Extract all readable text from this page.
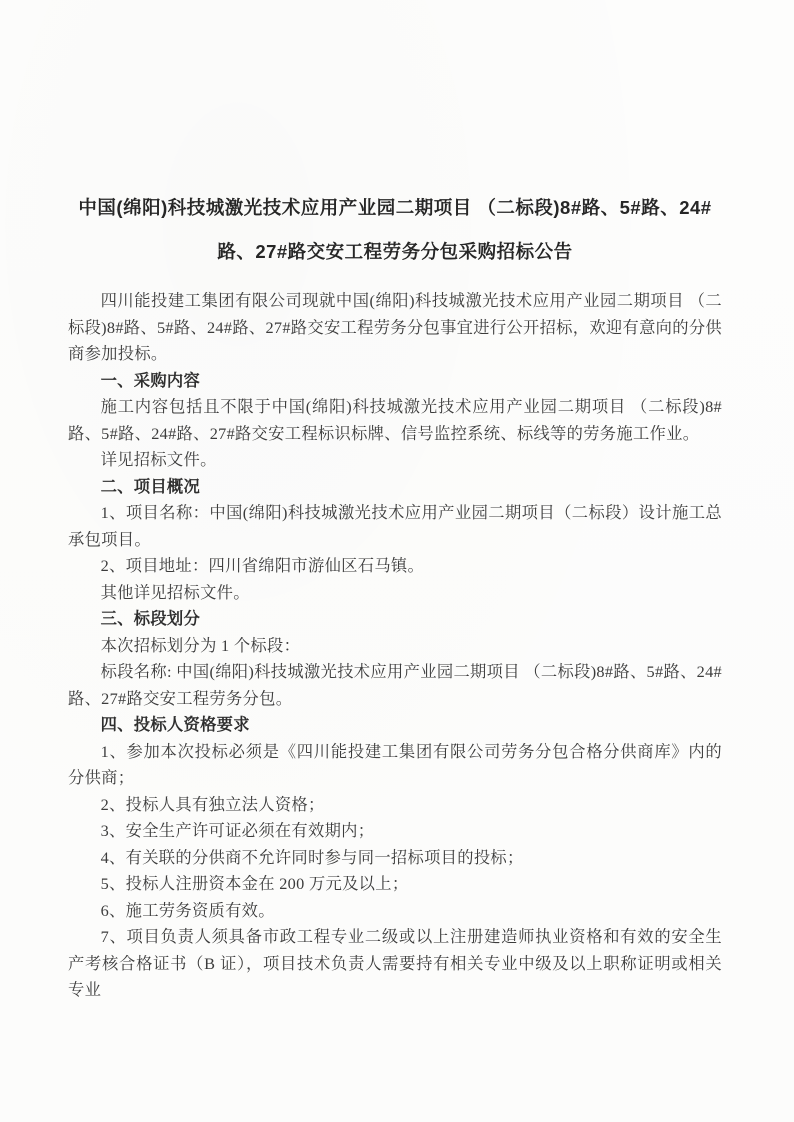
中国(绵阳)科技城激光技术应用产业园二期项目 （二标段)8#路、5#路、24#路、27#路交安工程劳务分包采购招标公告

四川能投建工集团有限公司现就中国(绵阳)科技城激光技术应用产业园二期项目 （二标段)8#路、5#路、24#路、27#路交安工程劳务分包事宜进行公开招标，欢迎有意向的分供商参加投标。

一、采购内容

施工内容包括且不限于中国(绵阳)科技城激光技术应用产业园二期项目 （二标段)8#路、5#路、24#路、27#路交安工程标识标牌、信号监控系统、标线等的劳务施工作业。

详见招标文件。

二、项目概况

1、项目名称：中国(绵阳)科技城激光技术应用产业园二期项目（二标段）设计施工总承包项目。

2、项目地址：四川省绵阳市游仙区石马镇。

其他详见招标文件。

三、标段划分

本次招标划分为 1 个标段：

标段名称: 中国(绵阳)科技城激光技术应用产业园二期项目 （二标段)8#路、5#路、24#路、27#路交安工程劳务分包。

四、投标人资格要求

1、参加本次投标必须是《四川能投建工集团有限公司劳务分包合格分供商库》内的分供商；

2、投标人具有独立法人资格；

3、安全生产许可证必须在有效期内；

4、有关联的分供商不允许同时参与同一招标项目的投标；

5、投标人注册资本金在 200 万元及以上；

6、施工劳务资质有效。

7、项目负责人须具备市政工程专业二级或以上注册建造师执业资格和有效的安全生产考核合格证书（B 证），项目技术负责人需要持有相关专业中级及以上职称证明或相关专业
